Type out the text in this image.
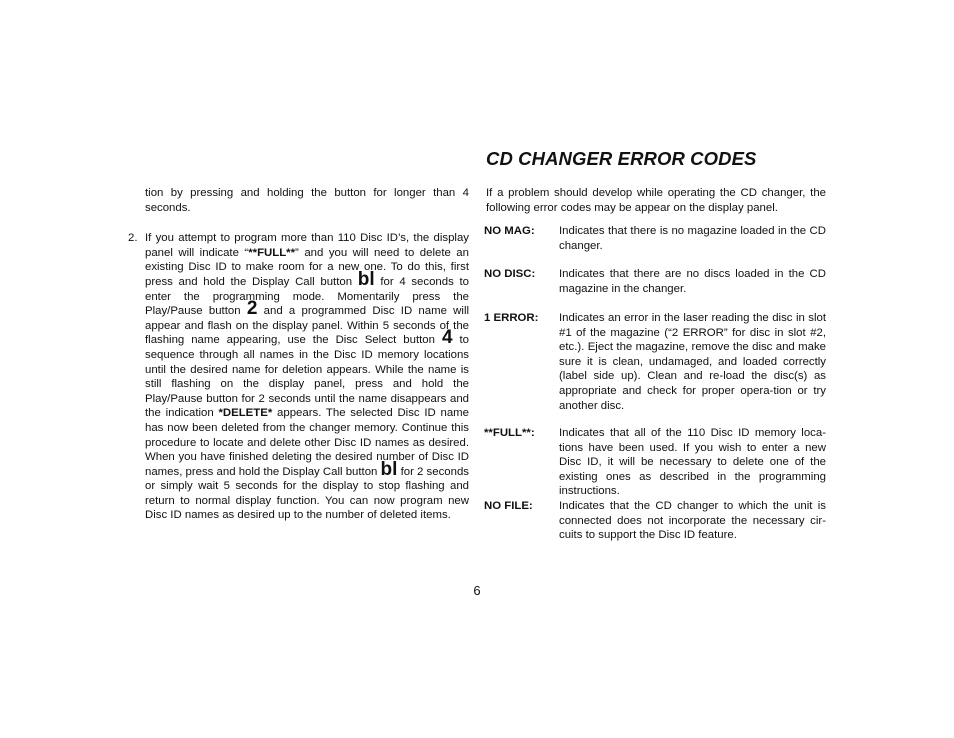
tion by pressing and holding the button for longer than 4 seconds.

2. If you attempt to program more than 110 Disc ID’s, the display panel will indicate “**FULL**” and you will need to delete an existing Disc ID to make room for a new one. To do this, first press and hold the Display Call button bl for 4 seconds to enter the programming mode. Momentarily press the Play/Pause button 2 and a programmed Disc ID name will appear and flash on the display panel. Within 5 seconds of the flashing name appearing, use the Disc Select button 4 to sequence through all names in the Disc ID memory locations until the desired name for deletion appears. While the name is still flashing on the display panel, press and hold the Play/Pause button for 2 seconds until the name disappears and the indication *DELETE* appears. The selected Disc ID name has now been deleted from the changer memory. Continue this procedure to locate and delete other Disc ID names as desired. When you have finished deleting the desired number of Disc ID names, press and hold the Display Call button bl for 2 seconds or simply wait 5 seconds for the display to stop flashing and return to normal display function. You can now program new Disc ID names as desired up to the number of deleted items.

CD CHANGER ERROR CODES

If a problem should develop while operating the CD changer, the following error codes may be appear on the display panel.

NO MAG: Indicates that there is no magazine loaded in the CD changer.

NO DISC: Indicates that there are no discs loaded in the CD magazine in the changer.

1 ERROR: Indicates an error in the laser reading the disc in slot #1 of the magazine (“2 ERROR” for disc in slot #2, etc.). Eject the magazine, remove the disc and make sure it is clean, undamaged, and loaded correctly (label side up). Clean and re-load the disc(s) as appropriate and check for proper opera-tion or try another disc.

**FULL**: Indicates that all of the 110 Disc ID memory loca-tions have been used. If you wish to enter a new Disc ID, it will be necessary to delete one of the existing ones as described in the programming instructions.

NO FILE: Indicates that the CD changer to which the unit is connected does not incorporate the necessary cir-cuits to support the Disc ID feature.

6
